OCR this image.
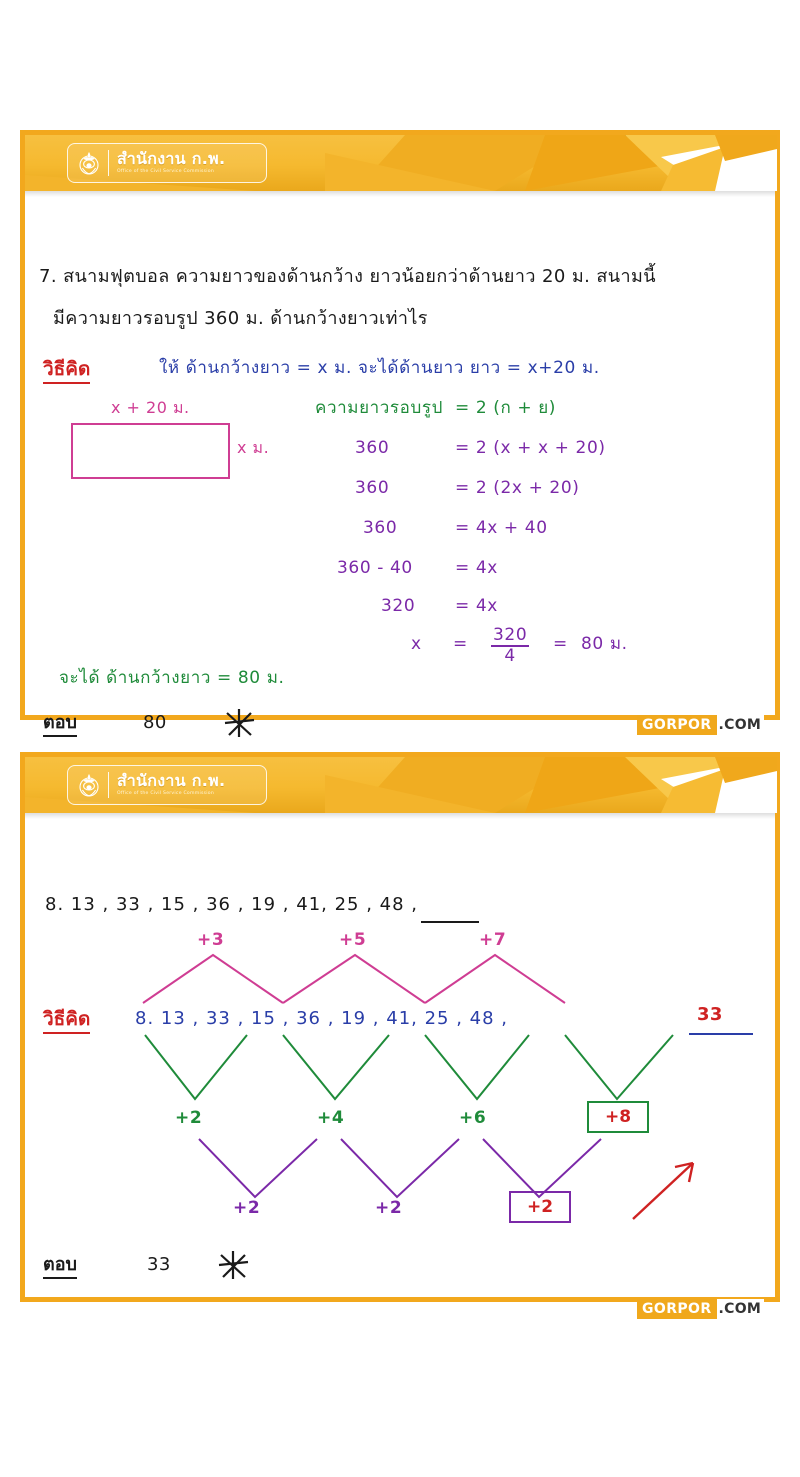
สำนักงาน ก.พ.
Office of the Civil Service Commission
7. สนามฟุตบอล ความยาวของด้านกว้าง ยาวน้อยกว่าด้านยาว 20 ม. สนามนี้
มีความยาวรอบรูป 360 ม. ด้านกว้างยาวเท่าไร
วิธีคิด	ให้ ด้านกว้างยาว = x ม. จะได้ด้านยาว ยาว = x+20 ม.
x + 20 ม.
x ม.
ความยาวรอบรูป = 2 (ก + ย)
360	= 2 (x + x + 20)
360	= 2 (2x + 20)
360	= 4x + 40
360 - 40 = 4x
320 = 4x
$x = \frac{320}{4} = 80$ ม.
จะได้ ด้านกว้างยาว = 80 ม.
ตอบ	80	GORPOR .COM
สำนักงาน ก.พ.
Office of the Civil Service Commission
8. 13 , 33 , 15 , 36 , 19 , 41, 25 , 48 ,
วิธีคิด 8. 13 , 33 , 15 , 36 , 19 , 41, 25 , 48 ,	33
+3	+5	+7
+2	+4	+6	+8
+2	+2	+2
ตอบ	33
GORPOR .COM
